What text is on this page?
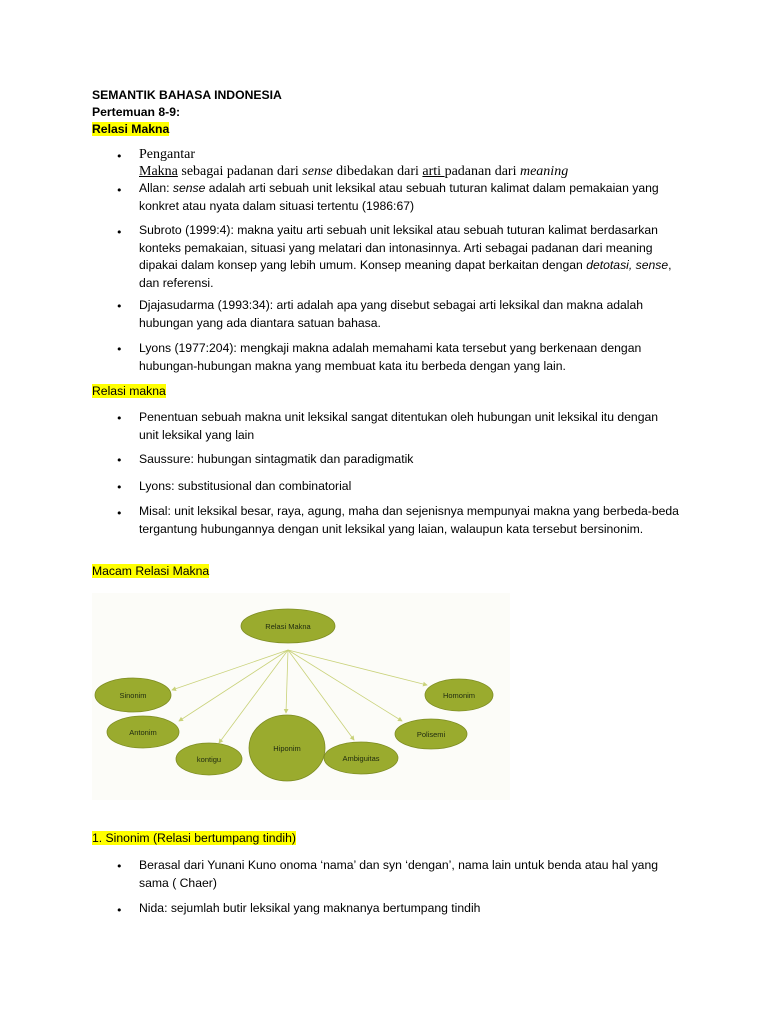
SEMANTIK BAHASA INDONESIA
Pertemuan 8-9:
Relasi Makna
• Pengantar
Makna sebagai padanan dari sense dibedakan dari arti padanan dari meaning
• Allan: sense adalah arti sebuah unit leksikal atau sebuah tuturan kalimat dalam pemakaian yang konkret atau nyata dalam situasi tertentu (1986:67)
• Subroto (1999:4): makna yaitu arti sebuah unit leksikal atau sebuah tuturan kalimat berdasarkan konteks pemakaian, situasi yang melatari dan intonasinnya. Arti sebagai padanan dari meaning dipakai dalam konsep yang lebih umum. Konsep meaning dapat berkaitan dengan detotasi, sense, dan referensi.
• Djajasudarma (1993:34): arti adalah apa yang disebut sebagai arti leksikal dan makna adalah hubungan yang ada diantara satuan bahasa.
• Lyons (1977:204): mengkaji makna adalah memahami kata tersebut yang berkenaan dengan hubungan-hubungan makna yang membuat kata itu berbeda dengan yang lain.
Relasi makna
• Penentuan sebuah makna unit leksikal sangat ditentukan oleh hubungan unit leksikal itu dengan unit leksikal yang lain
• Saussure: hubungan sintagmatik dan paradigmatik
• Lyons: substitusional dan combinatorial
• Misal: unit leksikal besar, raya, agung, maha dan sejenisnya mempunyai makna yang berbeda-beda tergantung hubungannya dengan unit leksikal yang laian, walaupun kata tersebut bersinonim.
Macam Relasi Makna
Relasi Makna
Sinonim
Antonim
kontigu
Hiponim
Ambiguitas
Polisemi
Homonim
1. Sinonim (Relasi bertumpang tindih)
• Berasal dari Yunani Kuno onoma ‘nama’ dan syn ‘dengan’, nama lain untuk benda atau hal yang sama ( Chaer)
• Nida: sejumlah butir leksikal yang maknanya bertumpang tindih
